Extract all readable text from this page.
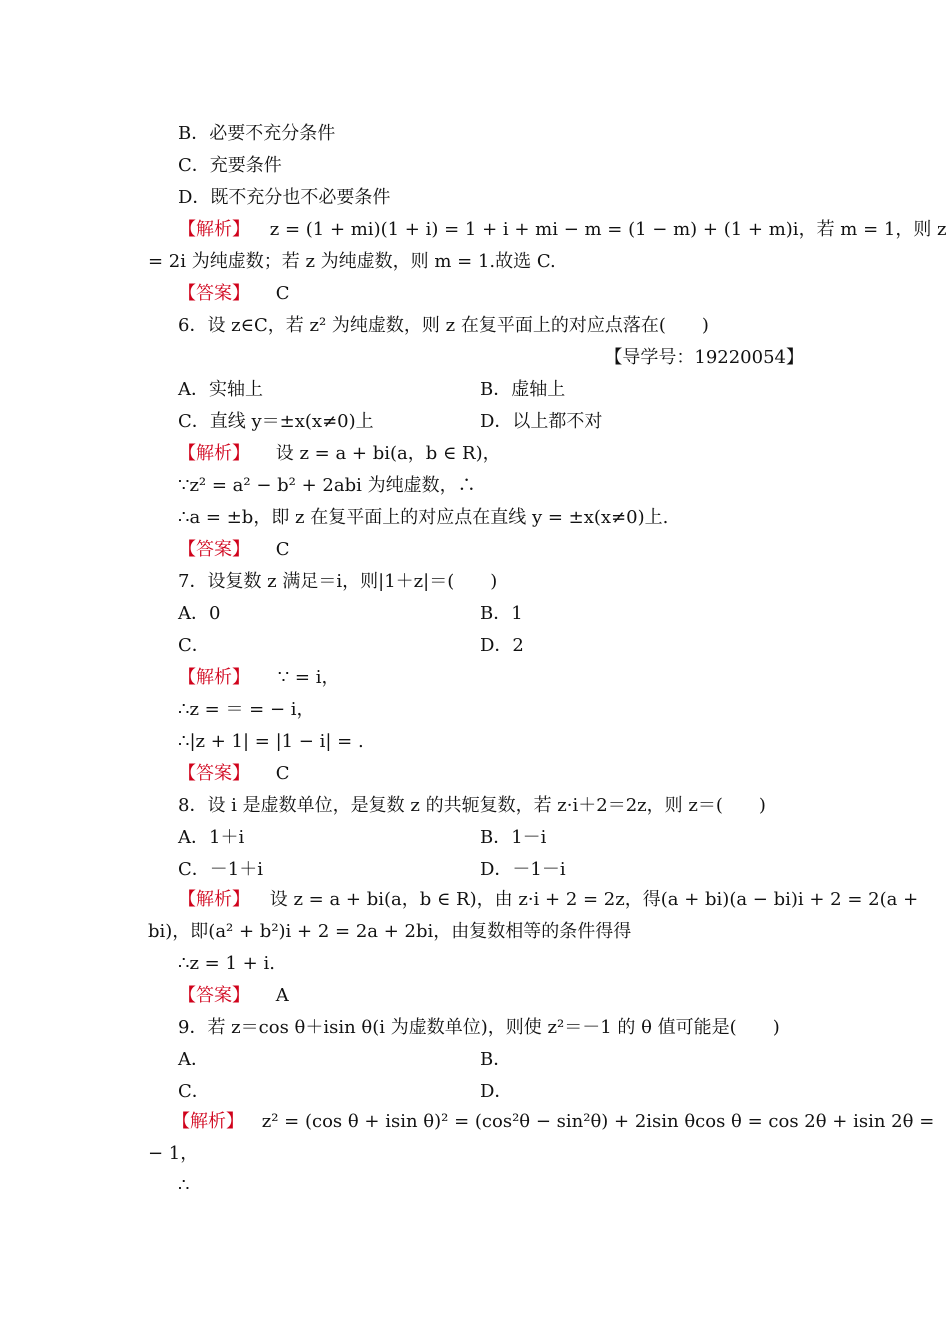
B．必要不充分条件
C．充要条件
D．既不充分也不必要条件
【解析】 z = (1 + mi)(1 + i) = 1 + i + mi − m = (1 − m) + (1 + m)i，若 m = 1，则 z
= 2i 为纯虚数；若 z 为纯虚数，则 m = 1.故选 C.
【答案】 C
6．设 z∈C，若 z² 为纯虚数，则 z 在复平面上的对应点落在(　　)
【导学号：19220054】
A．实轴上	B．虚轴上
C．直线 y＝±x(x≠0)上	D．以上都不对
【解析】 设 z = a + bi(a，b ∈ R)，
∵z² = a² − b² + 2abi 为纯虚数，∴
∴a = ±b，即 z 在复平面上的对应点在直线 y = ±x(x≠0)上.
【答案】 C
7．设复数 z 满足＝i，则|1＋z|＝(　　)
A．0	B．1
C．	D．2
【解析】 ∵ = i，
∴z = ＝ = − i，
∴|z + 1| = |1 − i| = .
【答案】 C
8．设 i 是虚数单位，是复数 z 的共轭复数，若 z·i＋2＝2z，则 z＝(　　)
A．1＋i	B．1－i
C．－1＋i	D．－1－i
【解析】 设 z = a + bi(a，b ∈ R)，由 z·i + 2 = 2z，得(a + bi)(a − bi)i + 2 = 2(a +
bi)，即(a² + b²)i + 2 = 2a + 2bi，由复数相等的条件得得
∴z = 1 + i.
【答案】 A
9．若 z＝cos θ＋isin θ(i 为虚数单位)，则使 z²＝－1 的 θ 值可能是(　　)
A．	B．
C．	D．
【解析】 z² = (cos θ + isin θ)² = (cos²θ − sin²θ) + 2isin θcos θ = cos 2θ + isin 2θ =
− 1，
∴
